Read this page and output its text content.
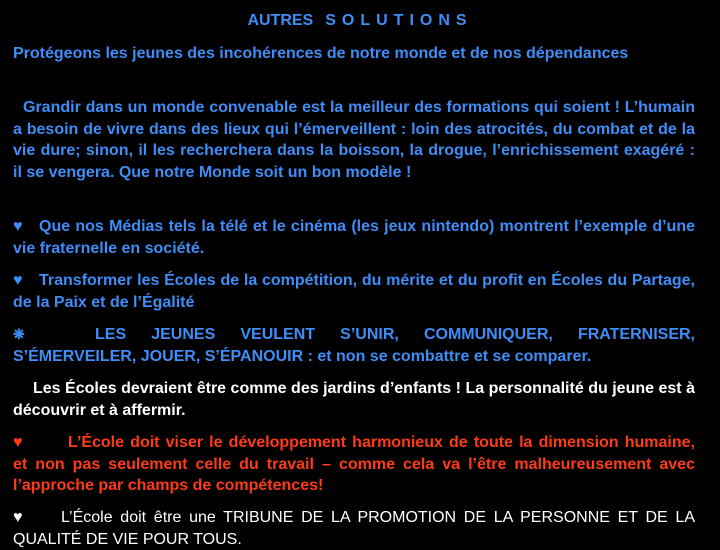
AUTRES SOLUTIONS

Protégeons les jeunes des incohérences de notre monde et de nos dépendances

Grandir dans un monde convenable est la meilleur des formations qui soient ! L’humain a besoin de vivre dans des lieux qui l’émerveillent : loin des atrocités, du combat et de la vie dure; sinon, il les recherchera dans la boisson, la drogue, l’enrichissement exagéré : il se vengera. Que notre Monde soit un bon modèle !

♥ Que nos Médias tels la télé et le cinéma (les jeux nintendo) montrent l’exemple d’une vie fraternelle en société.

♥ Transformer les Écoles de la compétition, du mérite et du profit en Écoles du Partage, de la Paix et de l’Égalité

❋	LES JEUNES VEULENT S’UNIR, COMMUNIQUER, FRATERNISER, S’ÉMERVEILER, JOUER, S’ÉPANOUIR : et non se combattre et se comparer.

Les Écoles devraient être comme des jardins d’enfants ! La personnalité du jeune est à découvrir et à affermir.

♥	L’École doit viser le développement harmonieux de toute la dimension humaine, et non pas seulement celle du travail – comme cela va l’être malheureusement avec l’approche par champs de compétences!

♥ L’École doit être une TRIBUNE DE LA PROMOTION DE LA PERSONNE ET DE LA QUALITÉ DE VIE POUR TOUS.
